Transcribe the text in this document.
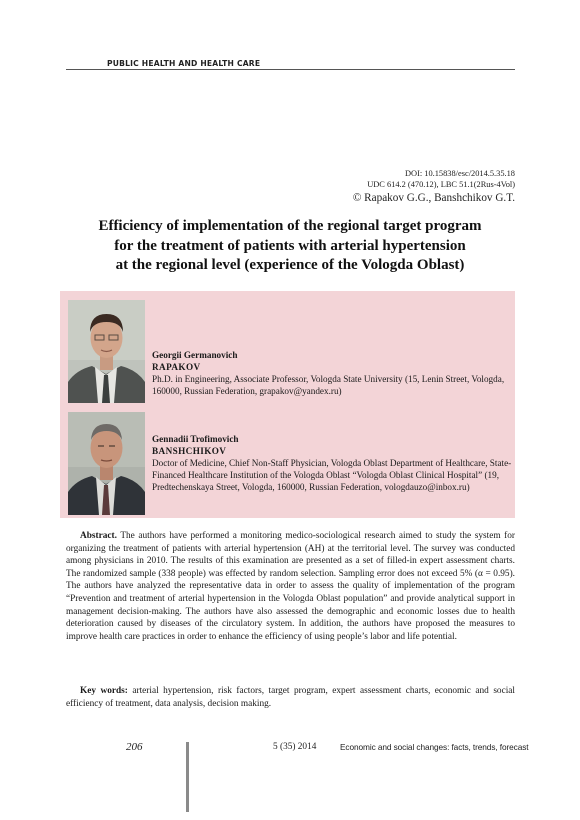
PUBLIC HEALTH AND HEALTH CARE
DOI: 10.15838/esc/2014.5.35.18
UDC 614.2 (470.12), LBC 51.1(2Rus-4Vol)
© Rapakov G.G., Banshchikov G.T.
Efficiency of implementation of the regional target program
for the treatment of patients with arterial hypertension
at the regional level (experience of the Vologda Oblast)
Georgii Germanovich
RAPAKOV
Ph.D. in Engineering, Associate Professor, Vologda State University (15, Lenin Street, Vologda, 160000, Russian Federation, grapakov@yandex.ru)
Gennadii Trofimovich
BANSHCHIKOV
Doctor of Medicine, Chief Non-Staff Physician, Vologda Oblast Department of Healthcare, State-Financed Healthcare Institution of the Vologda Oblast “Vologda Oblast Clinical Hospital” (19, Predtechenskaya Street, Vologda, 160000, Russian Federation, vologdauzo@inbox.ru)

Abstract. The authors have performed a monitoring medico-sociological research aimed to study the system for organizing the treatment of patients with arterial hypertension (AH) at the territorial level. The survey was conducted among physicians in 2010. The results of this examination are presented as a set of filled-in expert assessment charts. The randomized sample (338 people) was effected by random selection. Sampling error does not exceed 5% (α = 0.95). The authors have analyzed the representative data in order to assess the quality of implementation of the program “Prevention and treatment of arterial hypertension in the Vologda Oblast population” and provide analytical support in management decision-making. The authors have also assessed the demographic and economic losses due to health deterioration caused by diseases of the circulatory system. In addition, the authors have proposed the measures to improve health care practices in order to enhance the efficiency of using people’s labor and life potential.

Key words: arterial hypertension, risk factors, target program, expert assessment charts, economic and social efficiency of treatment, data analysis, decision making.

206	5 (35) 2014	Economic and social changes: facts, trends, forecast
